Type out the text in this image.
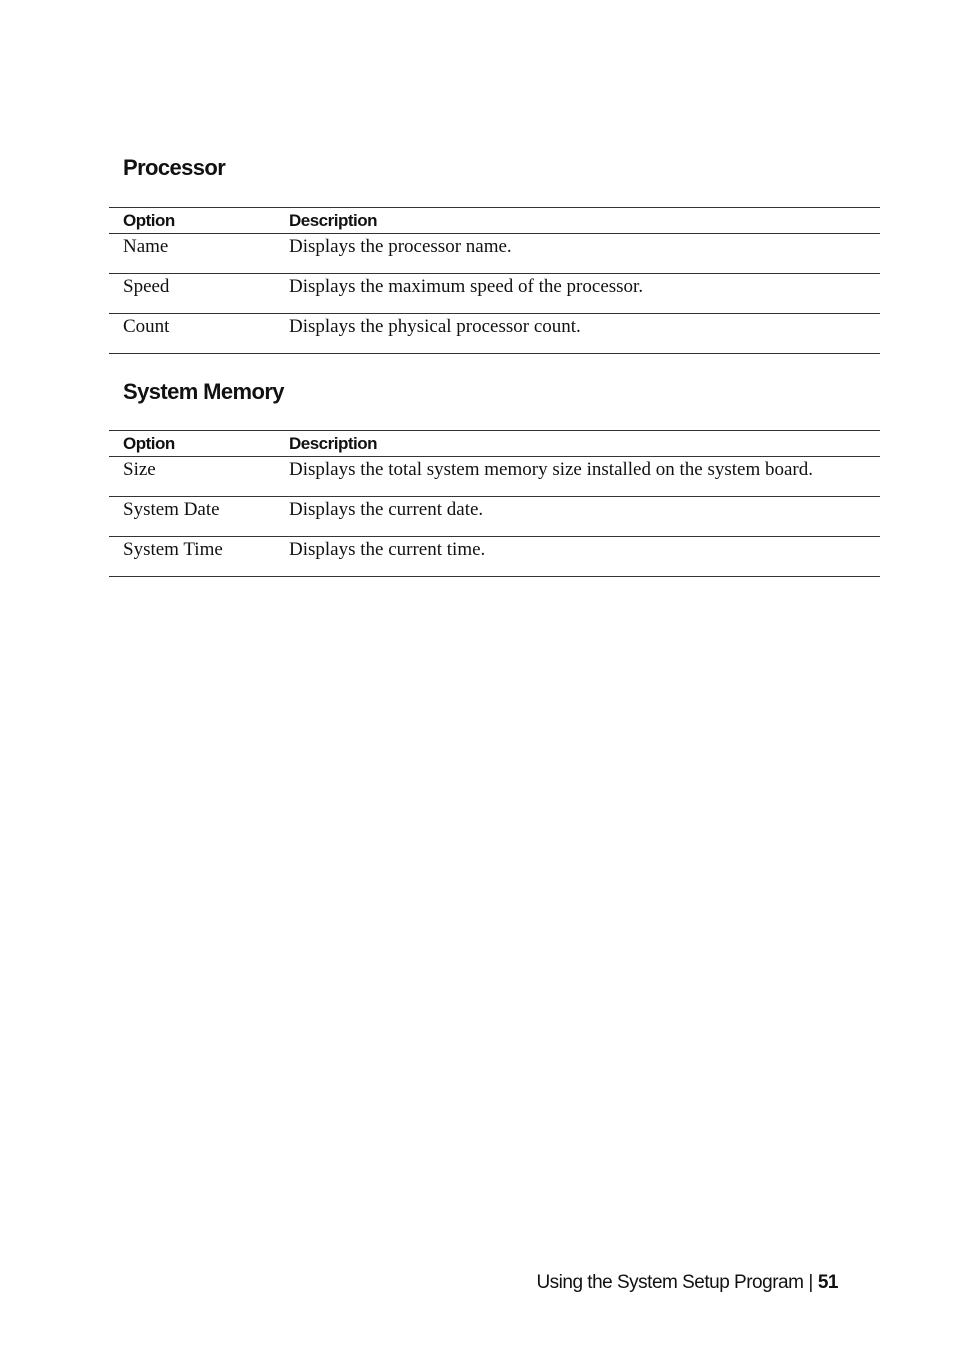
Processor
Option	Description
Name	Displays the processor name.
Speed	Displays the maximum speed of the processor.
Count	Displays the physical processor count.
System Memory
Option	Description
Size	Displays the total system memory size installed on the system board.
System Date	Displays the current date.
System Time	Displays the current time.
Using the System Setup Program | 51
